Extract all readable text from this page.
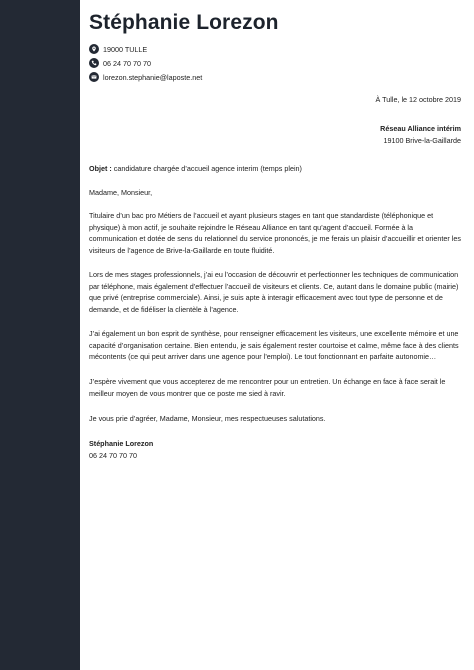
Stéphanie Lorezon
19000 TULLE
06 24 70 70 70
lorezon.stephanie@laposte.net
À Tulle, le 12 octobre 2019
Réseau Alliance intérim
19100 Brive-la-Gaillarde
Objet : candidature chargée d’accueil agence interim (temps plein)
Madame, Monsieur,
Titulaire d’un bac pro Métiers de l’accueil et ayant plusieurs stages en tant que standardiste (téléphonique et physique) à mon actif, je souhaite rejoindre le Réseau Alliance en tant qu’agent d’accueil. Formée à la communication et dotée de sens du relationnel du service prononcés, je me ferais un plaisir d’accueillir et orienter les visiteurs de l’agence de Brive-la-Gaillarde en toute fluidité.
Lors de mes stages professionnels, j’ai eu l’occasion de découvrir et perfectionner les techniques de communication par téléphone, mais également d’effectuer l’accueil de visiteurs et clients. Ce, autant dans le domaine public (mairie) que privé (entreprise commerciale). Ainsi, je suis apte à interagir efficacement avec tout type de personne et de demande, et de fidéliser la clientèle à l’agence.
J’ai également un bon esprit de synthèse, pour renseigner efficacement les visiteurs, une excellente mémoire et une capacité d’organisation certaine. Bien entendu, je sais également rester courtoise et calme, même face à des clients mécontents (ce qui peut arriver dans une agence pour l’emploi). Le tout fonctionnant en parfaite autonomie…
J’espère vivement que vous accepterez de me rencontrer pour un entretien. Un échange en face à face serait le meilleur moyen de vous montrer que ce poste me sied à ravir.
Je vous prie d’agréer, Madame, Monsieur, mes respectueuses salutations.
Stéphanie Lorezon
06 24 70 70 70
